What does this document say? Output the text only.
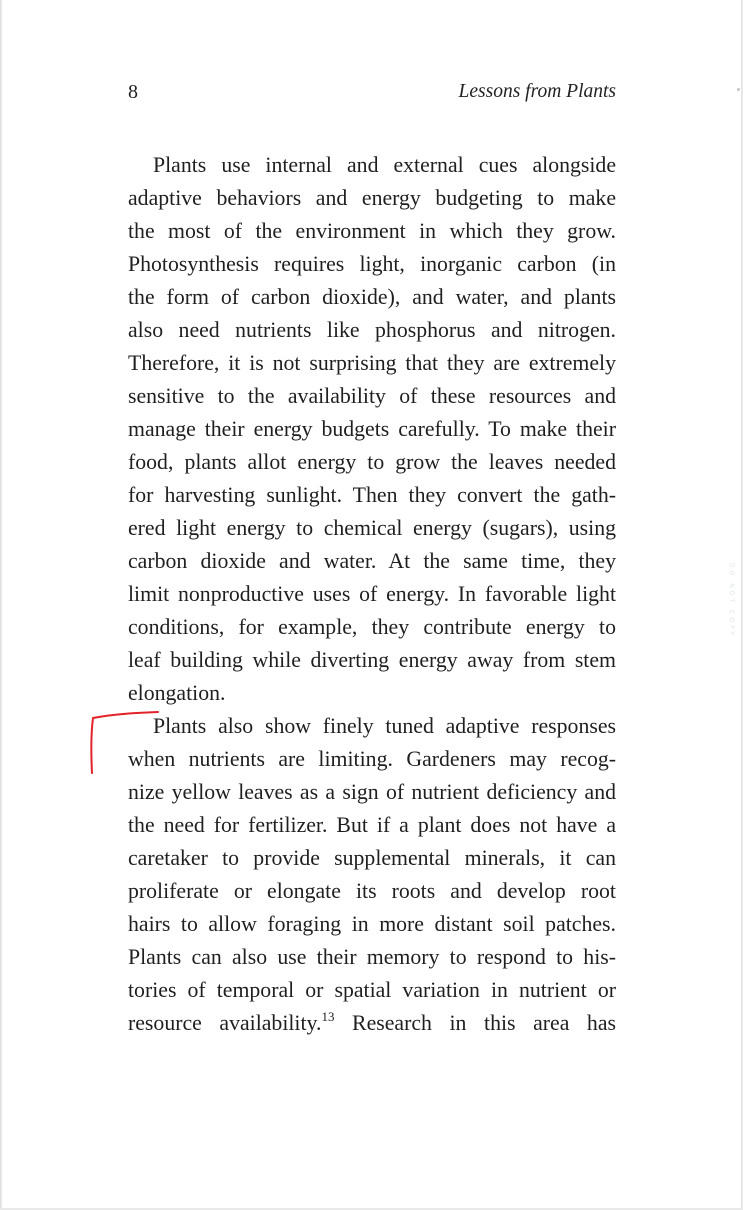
8	Lessons from Plants
Plants use internal and external cues alongside
adaptive behaviors and energy budgeting to make
the most of the environment in which they grow.
Photosynthesis requires light, inorganic carbon (in
the form of carbon dioxide), and water, and plants
also need nutrients like phosphorus and nitrogen.
Therefore, it is not surprising that they are extremely
sensitive to the availability of these resources and
manage their energy budgets carefully. To make their
food, plants allot energy to grow the leaves needed
for harvesting sunlight. Then they convert the gath-
ered light energy to chemical energy (sugars), using
carbon dioxide and water. At the same time, they
limit nonproductive uses of energy. In favorable light
conditions, for example, they contribute energy to
leaf building while diverting energy away from stem
elongation.
Plants also show finely tuned adaptive responses
when nutrients are limiting. Gardeners may recog-
nize yellow leaves as a sign of nutrient deficiency and
the need for fertilizer. But if a plant does not have a
caretaker to provide supplemental minerals, it can
proliferate or elongate its roots and develop root
hairs to allow foraging in more distant soil patches.
Plants can also use their memory to respond to his-
tories of temporal or spatial variation in nutrient or
resource availability.$^{13}$ Research in this area has
DO NOT COPY
